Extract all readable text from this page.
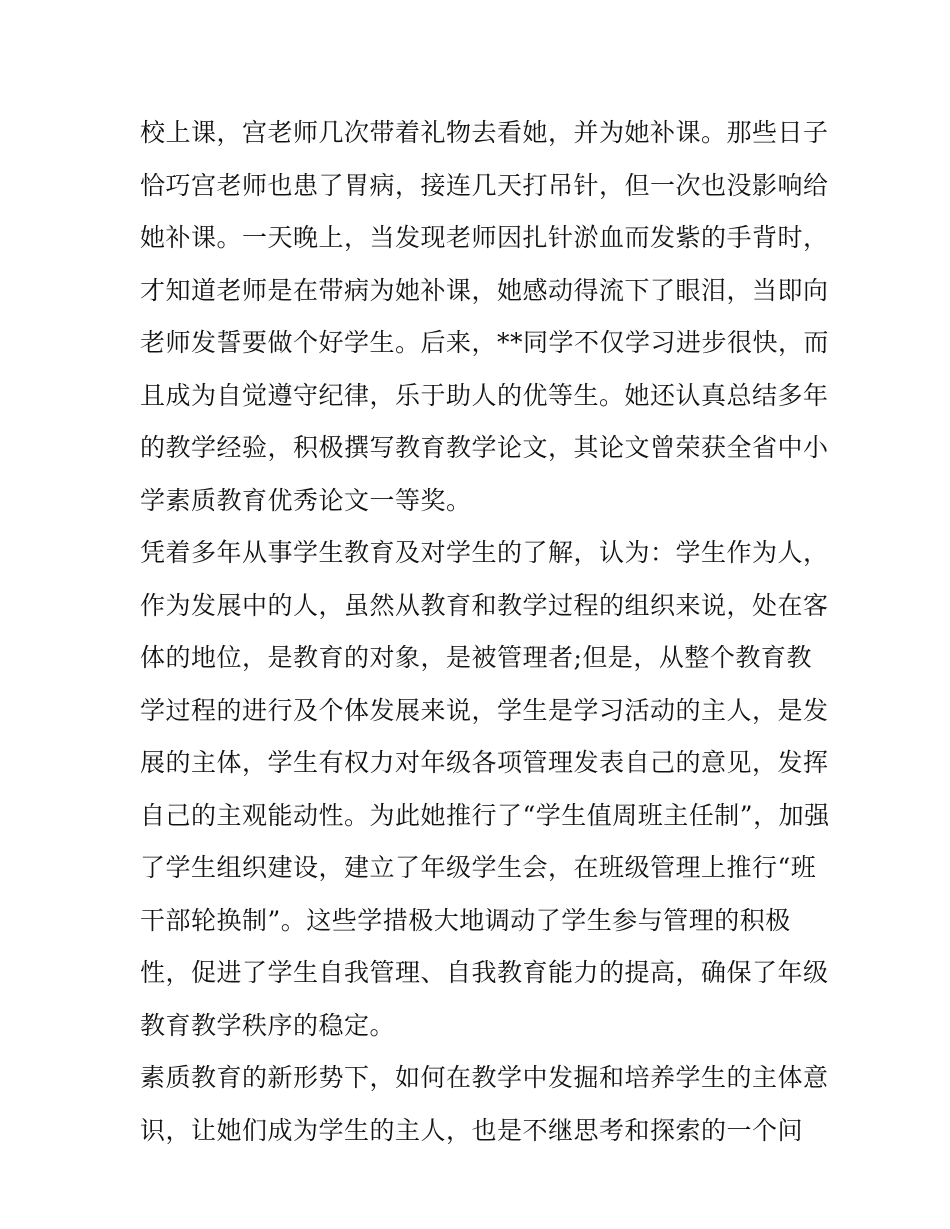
校上课，宫老师几次带着礼物去看她，并为她补课。那些日子
恰巧宫老师也患了胃病，接连几天打吊针，但一次也没影响给
她补课。一天晚上，当发现老师因扎针淤血而发紫的手背时，
才知道老师是在带病为她补课，她感动得流下了眼泪，当即向
老师发誓要做个好学生。后来，**同学不仅学习进步很快，而
且成为自觉遵守纪律，乐于助人的优等生。她还认真总结多年
的教学经验，积极撰写教育教学论文，其论文曾荣获全省中小
学素质教育优秀论文一等奖。
凭着多年从事学生教育及对学生的了解，认为：学生作为人，
作为发展中的人，虽然从教育和教学过程的组织来说，处在客
体的地位，是教育的对象，是被管理者;但是，从整个教育教
学过程的进行及个体发展来说，学生是学习活动的主人，是发
展的主体，学生有权力对年级各项管理发表自己的意见，发挥
自己的主观能动性。为此她推行了“学生值周班主任制”，加强
了学生组织建设，建立了年级学生会，在班级管理上推行“班
干部轮换制”。这些学措极大地调动了学生参与管理的积极
性，促进了学生自我管理、自我教育能力的提高，确保了年级
教育教学秩序的稳定。
素质教育的新形势下，如何在教学中发掘和培养学生的主体意
识，让她们成为学生的主人，也是不继思考和探索的一个问
